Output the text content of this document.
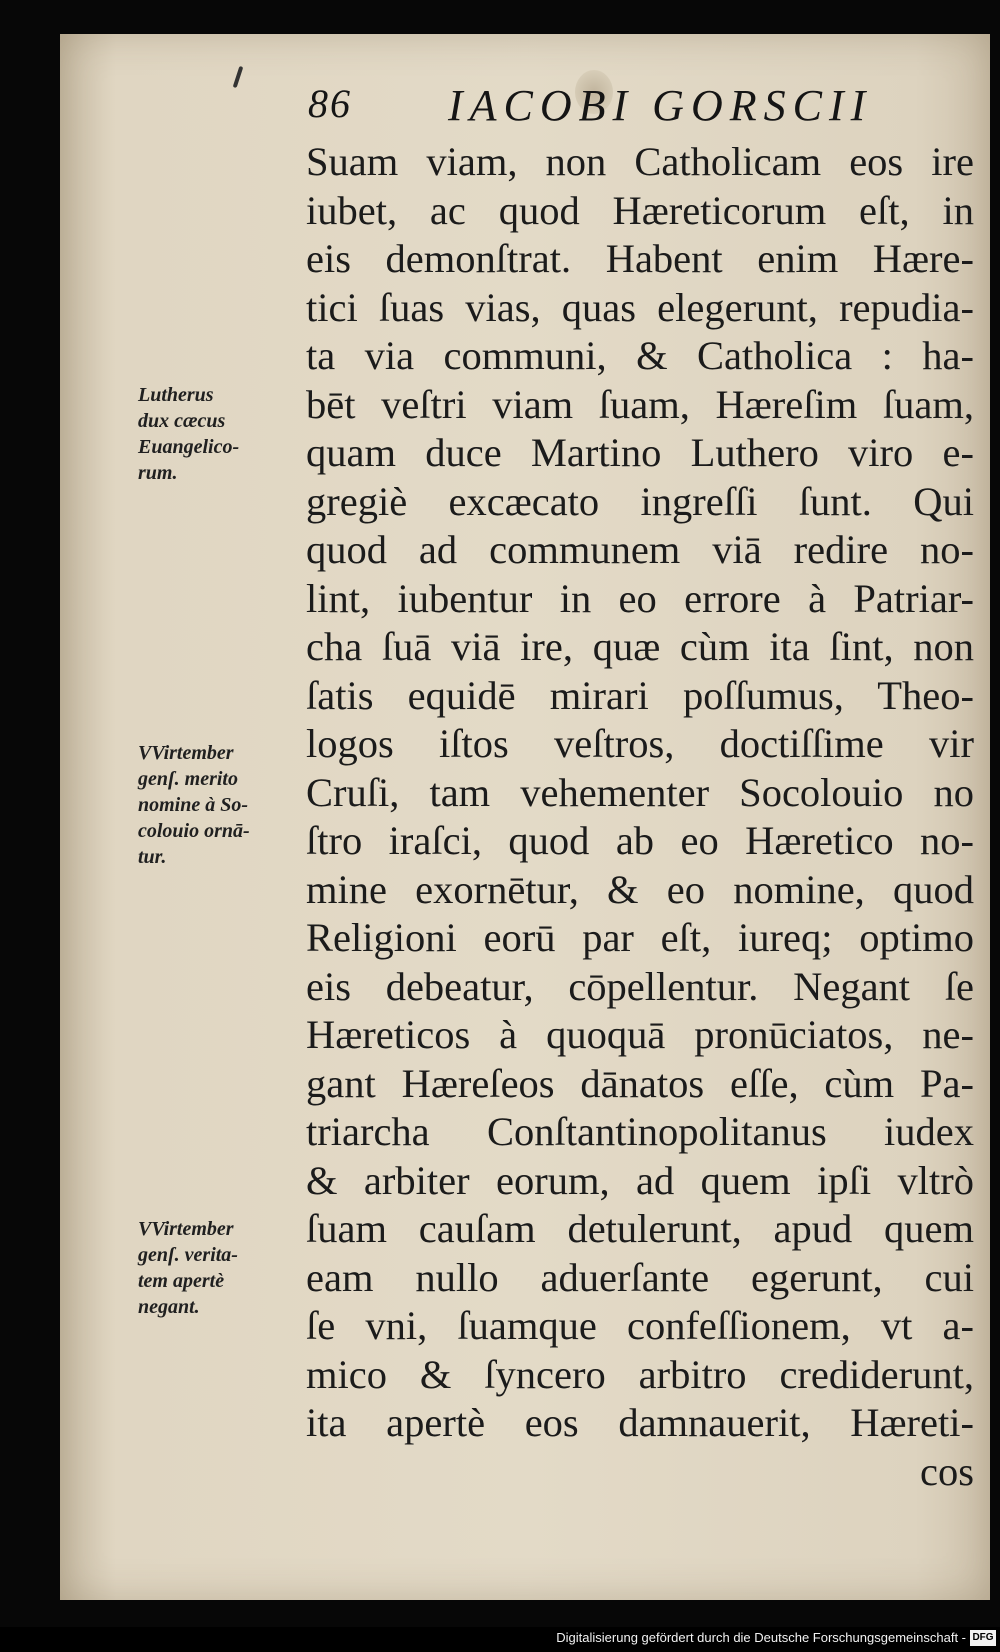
86 IACOBI GORSCII
Suam viam, non Catholicam eos ire
iubet, ac quod Hæreticorum eſt, in
eis demonſtrat. Habent enim Hære-
tici ſuas vias, quas elegerunt, repudia-
ta via communi, & Catholica : ha-
bēt veſtri viam ſuam, Hæreſim ſuam,
quam duce Martino Luthero viro e-
gregiè excæcato ingreſſi ſunt. Qui
quod ad communem viā redire no-
lint, iubentur in eo errore à Patriar-
cha ſuā viā ire, quæ cùm ita ſint, non
ſatis equidē mirari poſſumus, Theo-
logos iſtos veſtros, doctiſſime vir
Cruſi, tam vehementer Socolouio no
ſtro iraſci, quod ab eo Hæretico no-
mine exornētur, & eo nomine, quod
Religioni eorū par eſt, iureq; optimo
eis debeatur, cōpellentur. Negant ſe
Hæreticos à quoquā pronūciatos, ne-
gant Hæreſeos dānatos eſſe, cùm Pa-
triarcha Conſtantinopolitanus iudex
& arbiter eorum, ad quem ipſi vltrò
ſuam cauſam detulerunt, apud quem
eam nullo aduerſante egerunt, cui
ſe vni, ſuamque confeſſionem, vt a-
mico & ſyncero arbitro crediderunt,
ita apertè eos damnauerit, Hæreti-
cos
Lutherus
dux cæcus
Euangelico-
rum.
VVirtember
genſ. merito
nomine à So-
colouio ornā-
tur.
VVirtember
genſ. verita-
tem apertè
negant.
Digitalisierung gefördert durch die Deutsche Forschungsgemeinschaft - DFG
